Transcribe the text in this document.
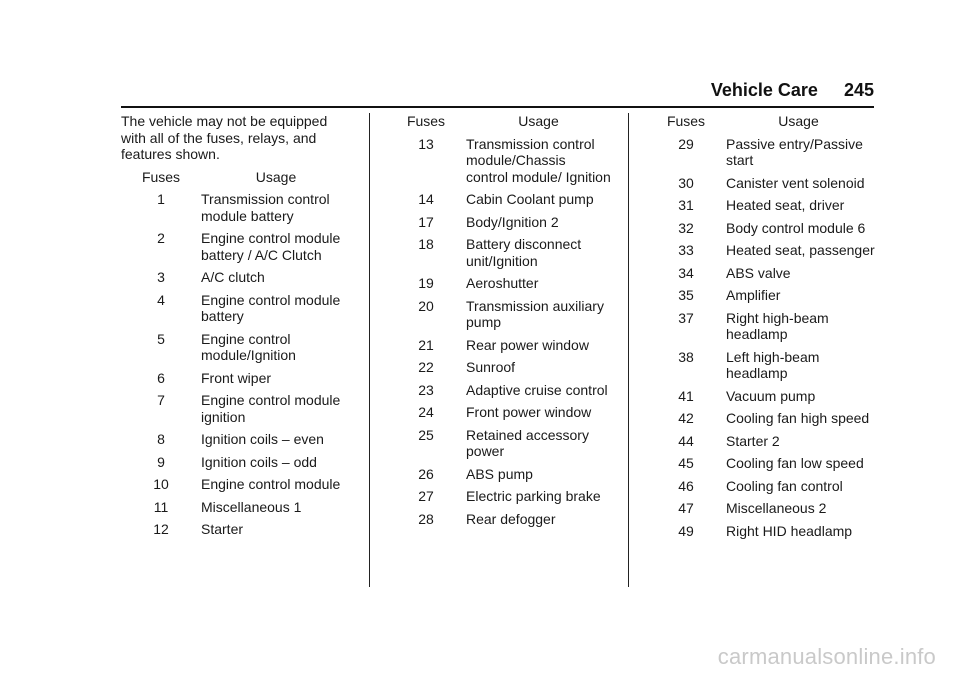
Vehicle Care 245

The vehicle may not be equipped with all of the fuses, relays, and features shown.

Fuses	Usage
1	Transmission control module battery
2	Engine control module battery / A/C Clutch
3	A/C clutch
4	Engine control module battery
5	Engine control module/Ignition
6	Front wiper
7	Engine control module ignition
8	Ignition coils – even
9	Ignition coils – odd
10	Engine control module
11	Miscellaneous 1
12	Starter
Fuses	Usage
13	Transmission control module/Chassis control module/ Ignition
14	Cabin Coolant pump
17	Body/Ignition 2
18	Battery disconnect unit/Ignition
19	Aeroshutter
20	Transmission auxiliary pump
21	Rear power window
22	Sunroof
23	Adaptive cruise control
24	Front power window
25	Retained accessory power
26	ABS pump
27	Electric parking brake
28	Rear defogger
Fuses	Usage
29	Passive entry/Passive start
30	Canister vent solenoid
31	Heated seat, driver
32	Body control module 6
33	Heated seat, passenger
34	ABS valve
35	Amplifier
37	Right high-beam headlamp
38	Left high-beam headlamp
41	Vacuum pump
42	Cooling fan high speed
44	Starter 2
45	Cooling fan low speed
46	Cooling fan control
47	Miscellaneous 2
49	Right HID headlamp
carmanualsonline.info
